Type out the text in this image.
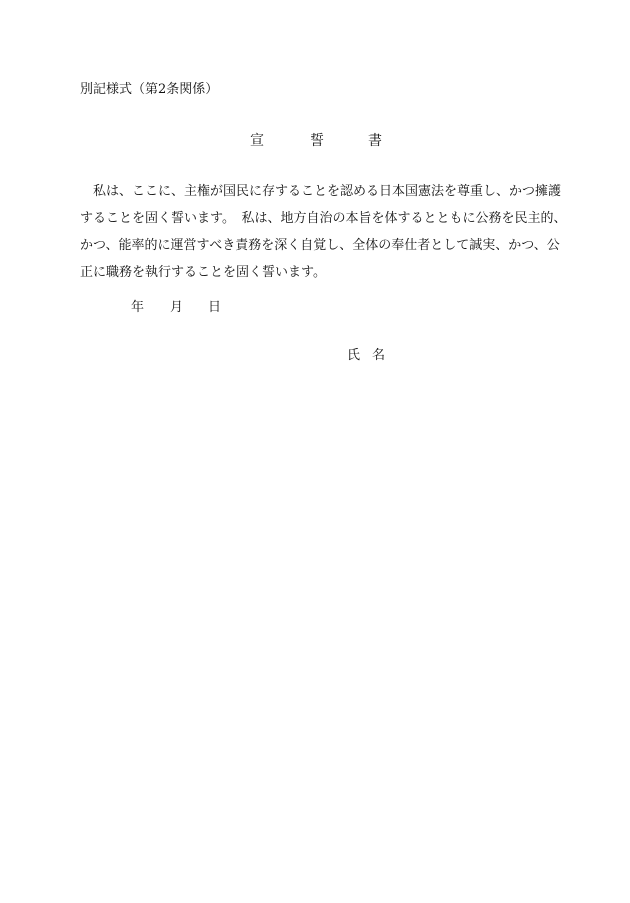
別記様式（第2条関係）
宣	誓	書
私は、ここに、主権が国民に存することを認める日本国憲法を尊重し、かつ擁護
することを固く誓います。　私は、地方自治の本旨を体するとともに公務を民主的、
かつ、能率的に運営すべき責務を深く自覚し、全体の奉仕者として誠実、かつ、公
正に職務を執行することを固く誓います。
年 月 日
氏 名
